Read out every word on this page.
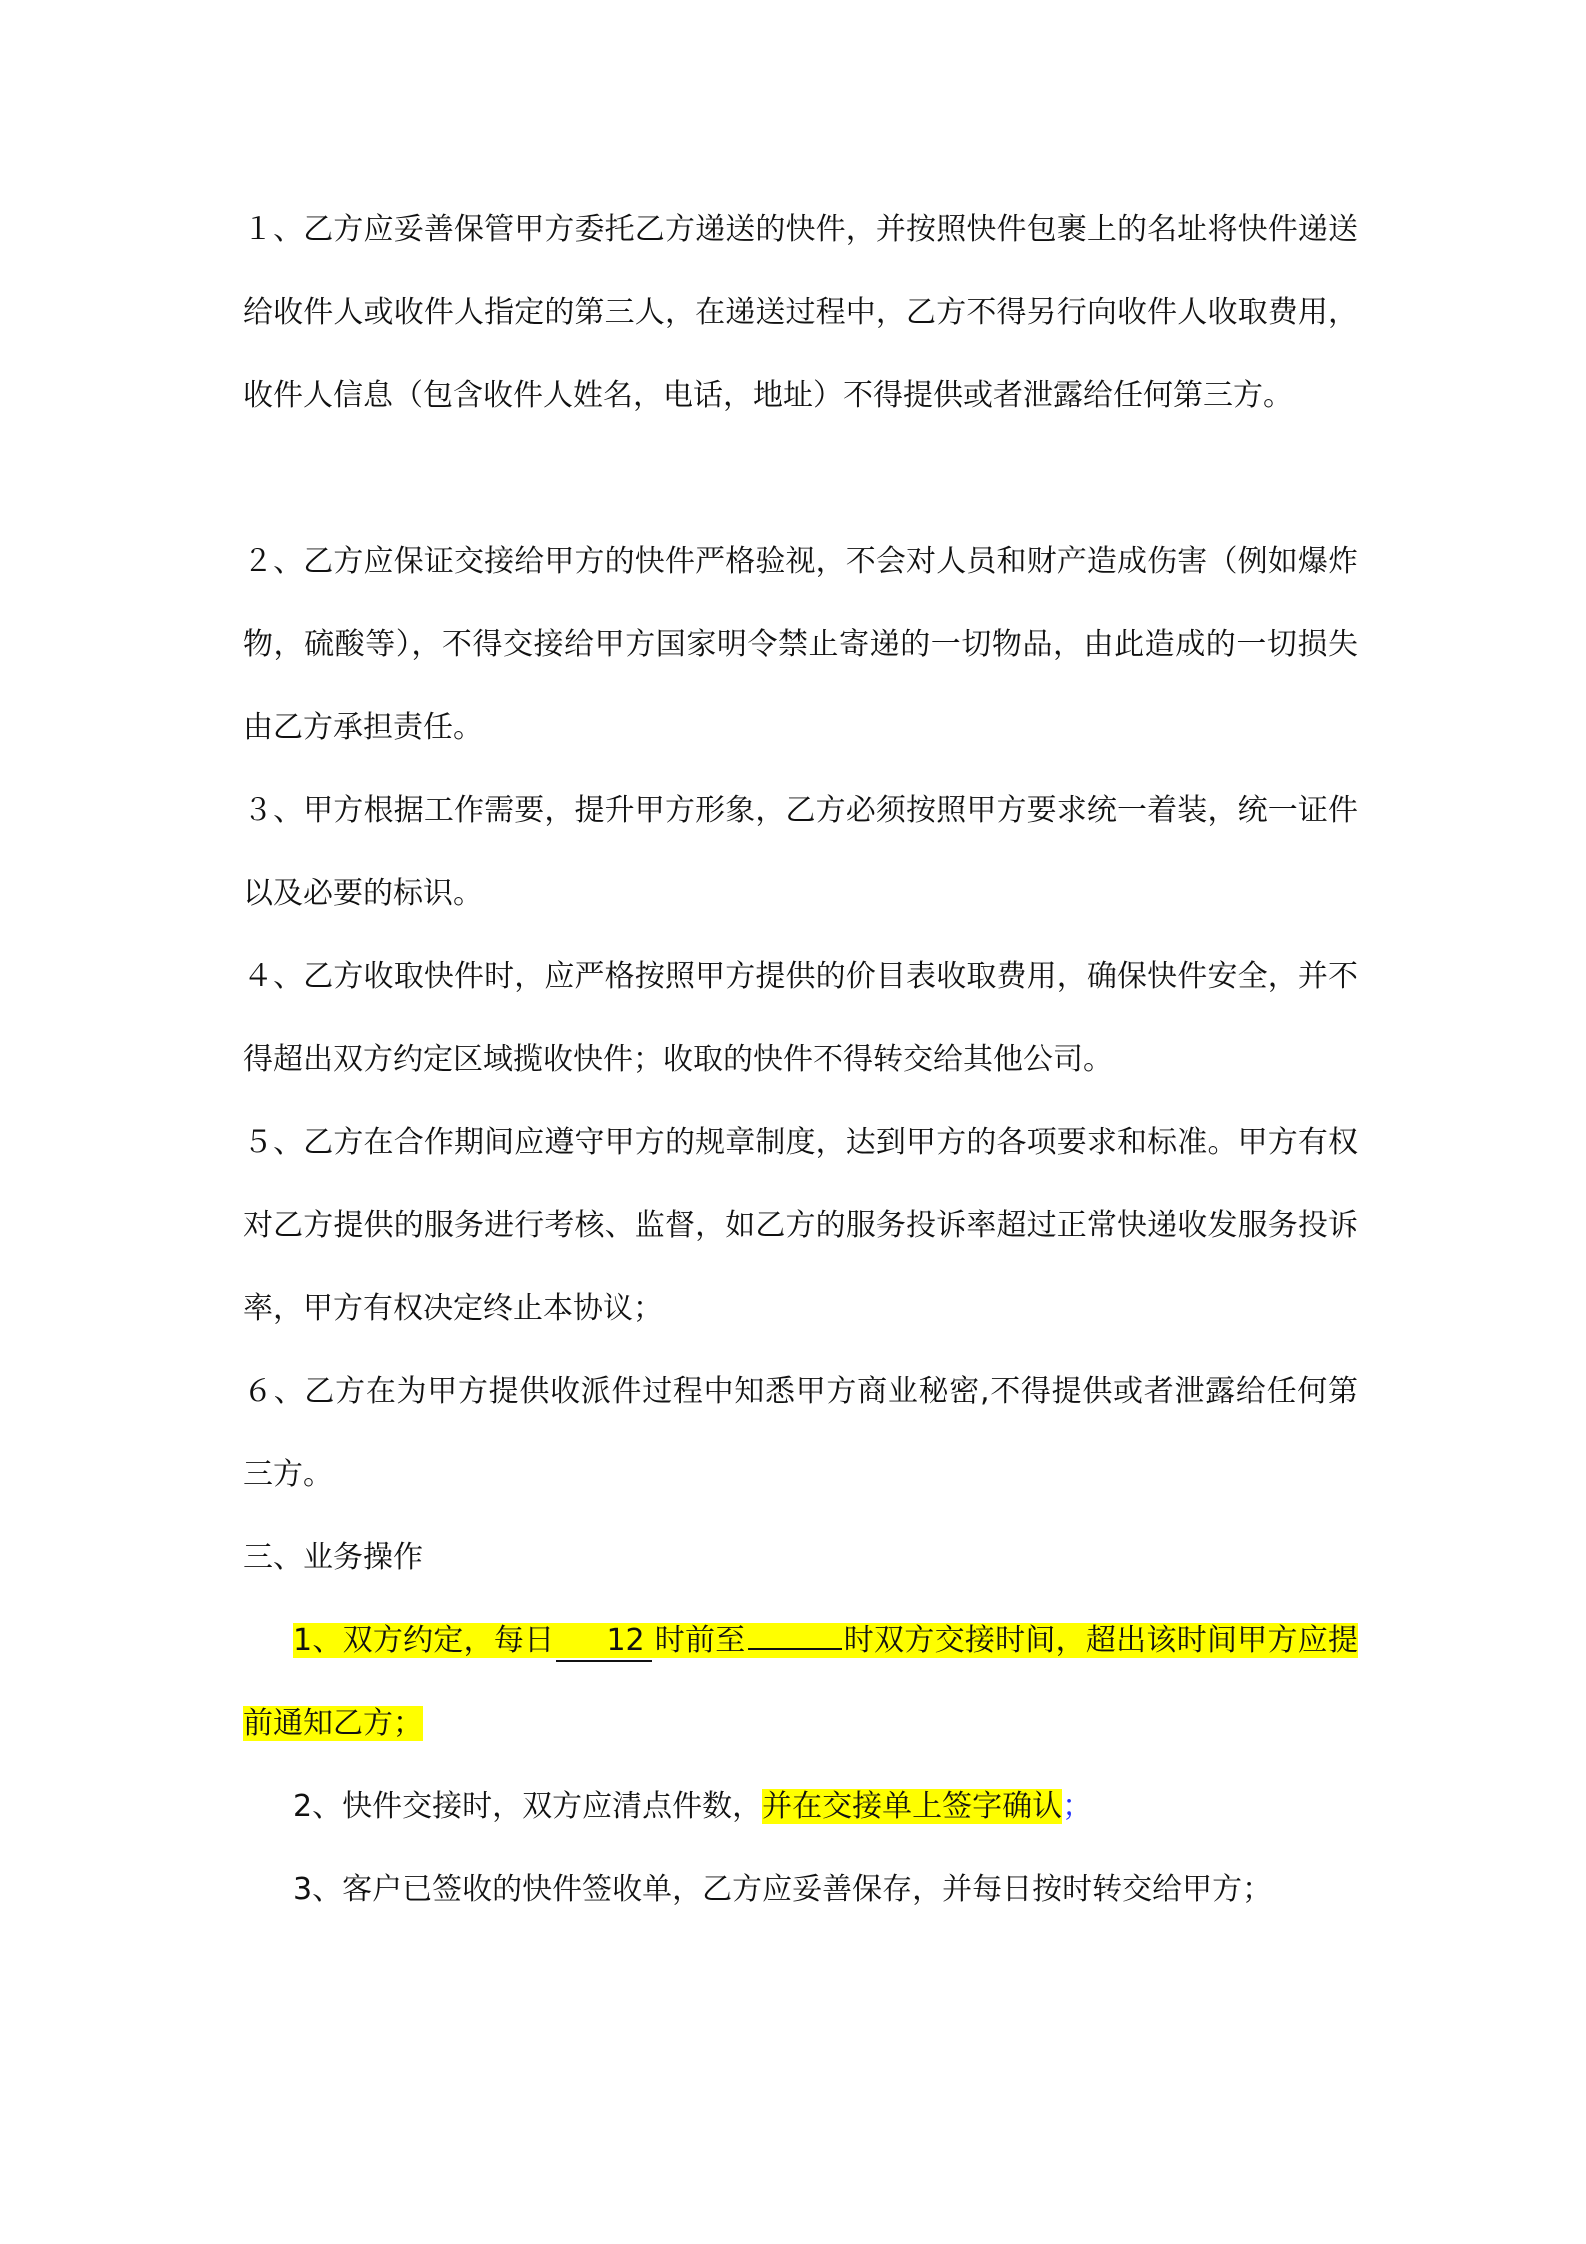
１、乙方应妥善保管甲方委托乙方递送的快件，并按照快件包裹上的名址将快件递送给收件人或收件人指定的第三人，在递送过程中，乙方不得另行向收件人收取费用，收件人信息（包含收件人姓名，电话，地址）不得提供或者泄露给任何第三方。

２、乙方应保证交接给甲方的快件严格验视，不会对人员和财产造成伤害（例如爆炸物，硫酸等），不得交接给甲方国家明令禁止寄递的一切物品，由此造成的一切损失由乙方承担责任。

３、甲方根据工作需要，提升甲方形象，乙方必须按照甲方要求统一着装，统一证件以及必要的标识。

４、乙方收取快件时，应严格按照甲方提供的价目表收取费用，确保快件安全，并不得超出双方约定区域揽收快件；收取的快件不得转交给其他公司。

５、乙方在合作期间应遵守甲方的规章制度，达到甲方的各项要求和标准。甲方有权对乙方提供的服务进行考核、监督，如乙方的服务投诉率超过正常快递收发服务投诉率，甲方有权决定终止本协议；

６、乙方在为甲方提供收派件过程中知悉甲方商业秘密,不得提供或者泄露给任何第三方。

三、业务操作

1、双方约定，每日 12 时前至	时双方交接时间，超出该时间甲方应提前通知乙方；

2、快件交接时，双方应清点件数，并在交接单上签字确认；

3、客户已签收的快件签收单，乙方应妥善保存，并每日按时转交给甲方；
